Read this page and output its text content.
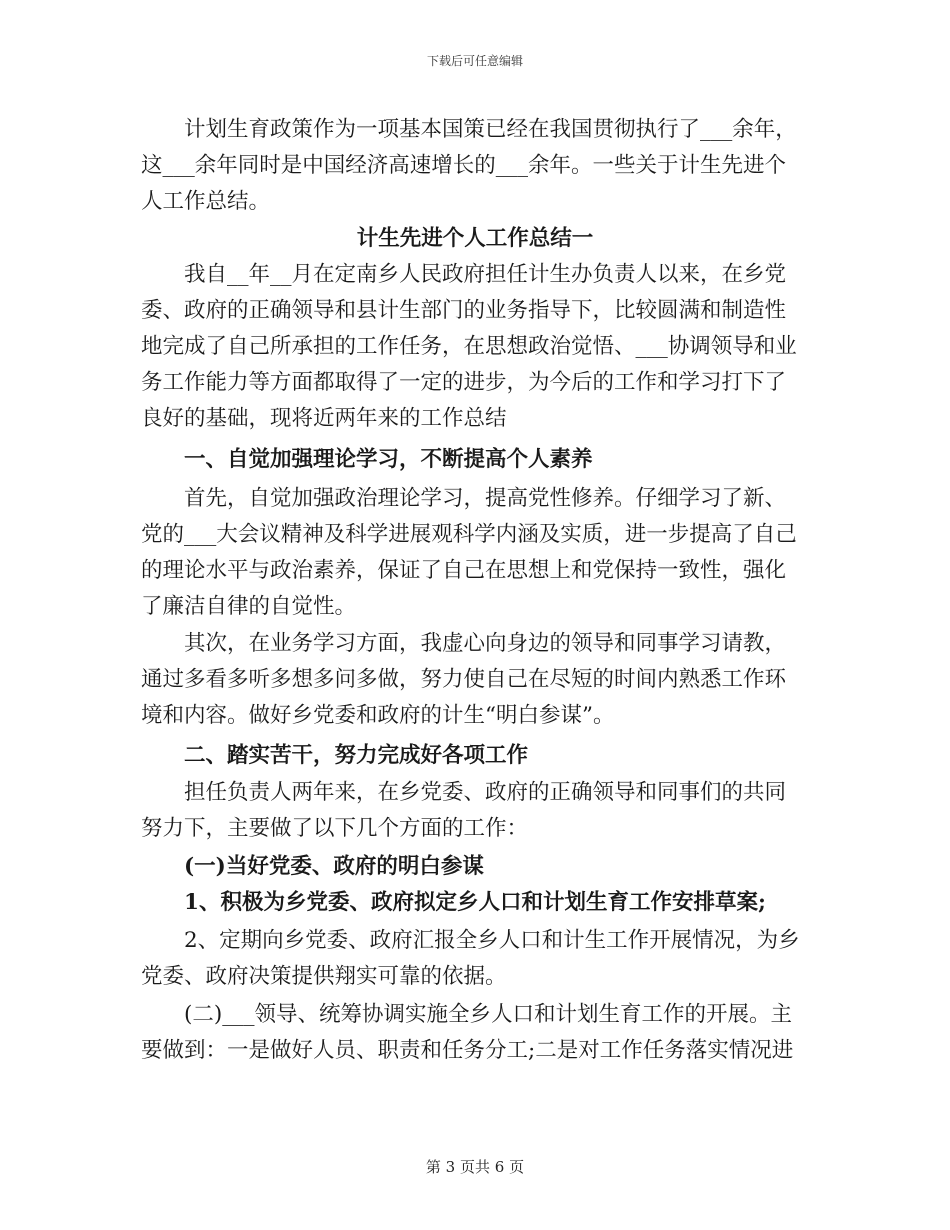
下载后可任意编辑
　　计划生育政策作为一项基本国策已经在我国贯彻执行了___余年，
这___余年同时是中国经济高速增长的___余年。一些关于计生先进个
人工作总结。
计生先进个人工作总结一
　　我自__年__月在定南乡人民政府担任计生办负责人以来，在乡党
委、政府的正确领导和县计生部门的业务指导下，比较圆满和制造性
地完成了自己所承担的工作任务，在思想政治觉悟、___协调领导和业
务工作能力等方面都取得了一定的进步，为今后的工作和学习打下了
良好的基础，现将近两年来的工作总结
　　一、自觉加强理论学习，不断提高个人素养
　　首先，自觉加强政治理论学习，提高党性修养。仔细学习了新、
党的___大会议精神及科学进展观科学内涵及实质，进一步提高了自己
的理论水平与政治素养，保证了自己在思想上和党保持一致性，强化
了廉洁自律的自觉性。
　　其次，在业务学习方面，我虚心向身边的领导和同事学习请教，
通过多看多听多想多问多做，努力使自己在尽短的时间内熟悉工作环
境和内容。做好乡党委和政府的计生“明白参谋”。
　　二、踏实苦干，努力完成好各项工作
　　担任负责人两年来，在乡党委、政府的正确领导和同事们的共同
努力下，主要做了以下几个方面的工作：
　　(一)当好党委、政府的明白参谋
　　1、积极为乡党委、政府拟定乡人口和计划生育工作安排草案;
　　2、定期向乡党委、政府汇报全乡人口和计生工作开展情况，为乡
党委、政府决策提供翔实可靠的依据。
　　(二)___领导、统筹协调实施全乡人口和计划生育工作的开展。主
要做到：一是做好人员、职责和任务分工;二是对工作任务落实情况进
第 3 页共 6 页
